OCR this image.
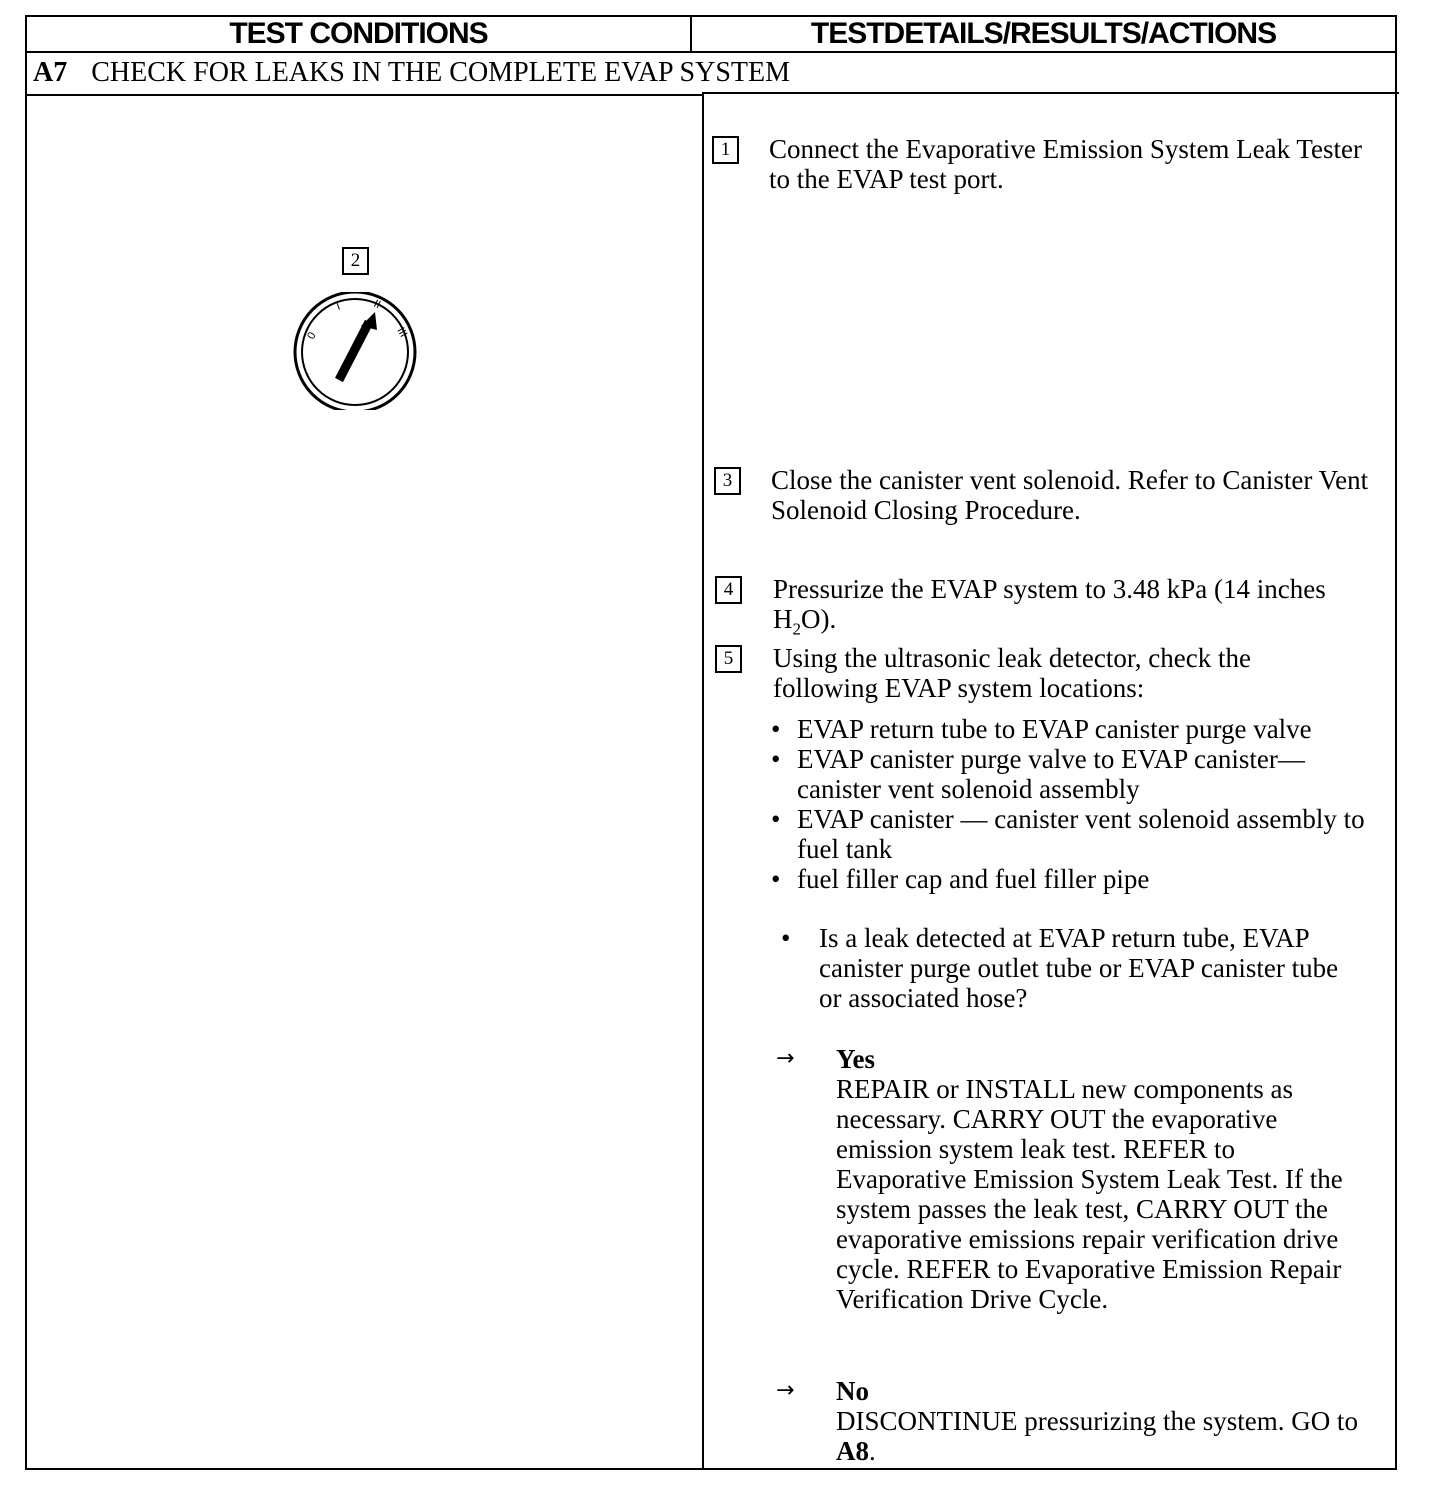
TEST CONDITIONS	TESTDETAILS/RESULTS/ACTIONS
A7 CHECK FOR LEAKS IN THE COMPLETE EVAP SYSTEM
2
0
I	II
III
1	Connect the Evaporative Emission System Leak Tester to the EVAP test port.
3	Close the canister vent solenoid. Refer to Canister Vent Solenoid Closing Procedure.
4	Pressurize the EVAP system to 3.48 kPa (14 inches $H_2O$).
5	Using the ultrasonic leak detector, check the following EVAP system locations:
• EVAP return tube to EVAP canister purge valve
• EVAP canister purge valve to EVAP canister—canister vent solenoid assembly
• EVAP canister — canister vent solenoid assembly to fuel tank
• fuel filler cap and fuel filler pipe
• Is a leak detected at EVAP return tube, EVAP canister purge outlet tube or EVAP canister tube or associated hose?
→ Yes
REPAIR or INSTALL new components as necessary. CARRY OUT the evaporative emission system leak test. REFER to Evaporative Emission System Leak Test. If the system passes the leak test, CARRY OUT the evaporative emissions repair verification drive cycle. REFER to Evaporative Emission Repair Verification Drive Cycle.
→ No
DISCONTINUE pressurizing the system. GO to A8.
